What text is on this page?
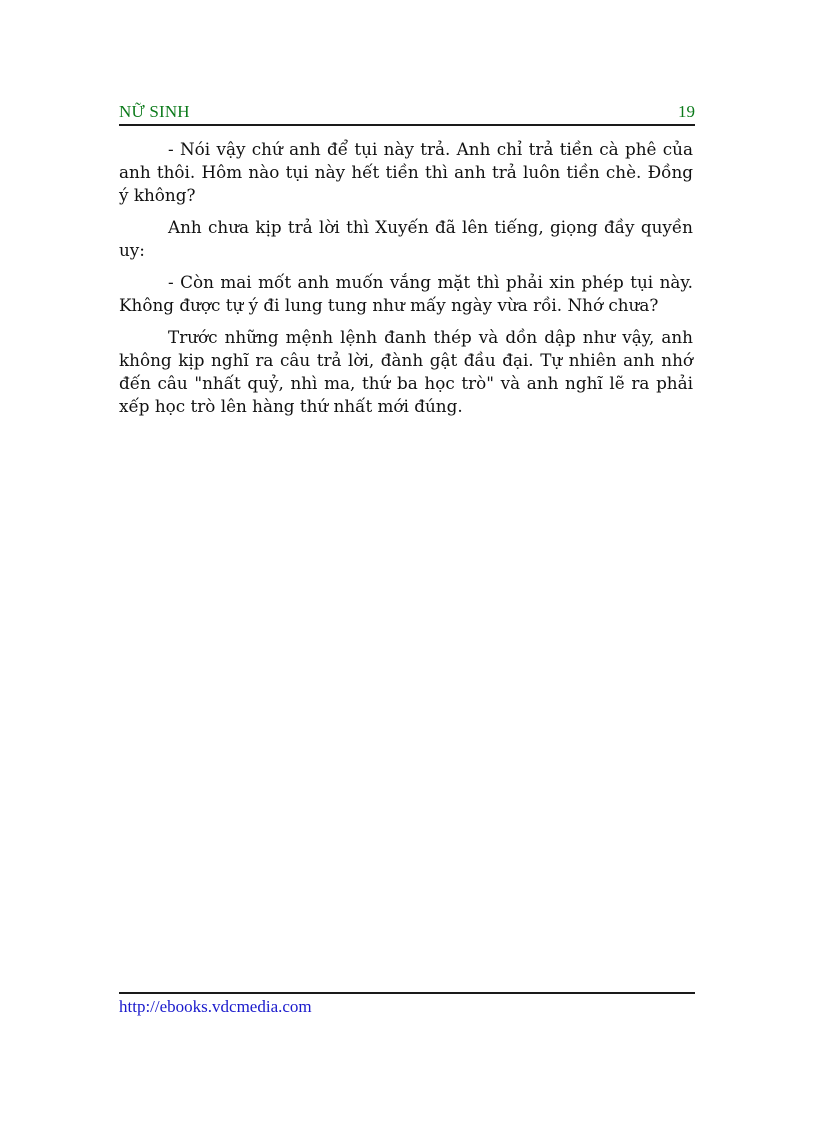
NỮ SINH	19

- Nói vậy chứ anh để tụi này trả. Anh chỉ trả tiền cà phê của anh thôi. Hôm nào tụi này hết tiền thì anh trả luôn tiền chè. Đồng ý không?

Anh chưa kịp trả lời thì Xuyến đã lên tiếng, giọng đầy quyền uy:

- Còn mai mốt anh muốn vắng mặt thì phải xin phép tụi này. Không được tự ý đi lung tung như mấy ngày vừa rồi. Nhớ chưa?

Trước những mệnh lệnh đanh thép và dồn dập như vậy, anh không kịp nghĩ ra câu trả lời, đành gật đầu đại. Tự nhiên anh nhớ đến câu "nhất quỷ, nhì ma, thứ ba học trò" và anh nghĩ lẽ ra phải xếp học trò lên hàng thứ nhất mới đúng.

http://ebooks.vdcmedia.com
